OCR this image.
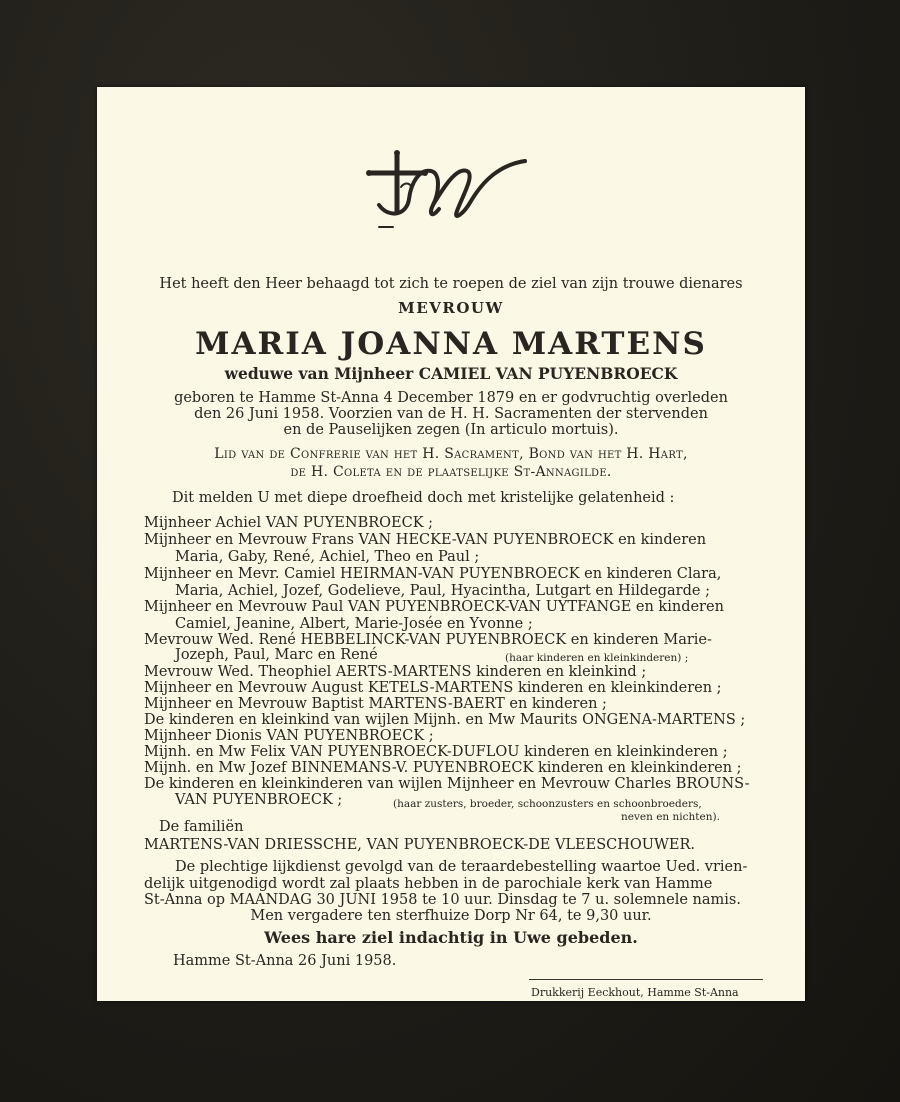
Het heeft den Heer behaagd tot zich te roepen de ziel van zijn trouwe dienares
MEVROUW
MARIA JOANNA MARTENS
weduwe van Mijnheer CAMIEL VAN PUYENBROECK
geboren te Hamme St-Anna 4 December 1879 en er godvruchtig overleden
den 26 Juni 1958. Voorzien van de H. H. Sacramenten der stervenden
en de Pauselijken zegen (In articulo mortuis).
Lid van de Confrerie van het H. Sacrament, Bond van het H. Hart,
de H. Coleta en de plaatselijke St-Annagilde.
Dit melden U met diepe droefheid doch met kristelijke gelatenheid :
Mijnheer Achiel VAN PUYENBROECK ;
Mijnheer en Mevrouw Frans VAN HECKE-VAN PUYENBROECK en kinderen
Maria, Gaby, René, Achiel, Theo en Paul ;
Mijnheer en Mevr. Camiel HEIRMAN-VAN PUYENBROECK en kinderen Clara,
Maria, Achiel, Jozef, Godelieve, Paul, Hyacintha, Lutgart en Hildegarde ;
Mijnheer en Mevrouw Paul VAN PUYENBROECK-VAN UYTFANGE en kinderen
Camiel, Jeanine, Albert, Marie-Josée en Yvonne ;
Mevrouw Wed. René HEBBELINCK-VAN PUYENBROECK en kinderen Marie-
Jozeph, Paul, Marc en René	(haar kinderen en kleinkinderen) ;
Mevrouw Wed. Theophiel AERTS-MARTENS kinderen en kleinkind ;
Mijnheer en Mevrouw August KETELS-MARTENS kinderen en kleinkinderen ;
Mijnheer en Mevrouw Baptist MARTENS-BAERT en kinderen ;
De kinderen en kleinkind van wijlen Mijnh. en Mw Maurits ONGENA-MARTENS ;
Mijnheer Dionis VAN PUYENBROECK ;
Mijnh. en Mw Felix VAN PUYENBROECK-DUFLOU kinderen en kleinkinderen ;
Mijnh. en Mw Jozef BINNEMANS-V. PUYENBROECK kinderen en kleinkinderen ;
De kinderen en kleinkinderen van wijlen Mijnheer en Mevrouw Charles BROUNS-
VAN PUYENBROECK ;	(haar zusters, broeder, schoonzusters en schoonbroeders,
neven en nichten).
De familiën
MARTENS-VAN DRIESSCHE, VAN PUYENBROECK-DE VLEESCHOUWER.
De plechtige lijkdienst gevolgd van de teraardebestelling waartoe Ued. vrien-
delijk uitgenodigd wordt zal plaats hebben in de parochiale kerk van Hamme
St-Anna op MAANDAG 30 JUNI 1958 te 10 uur. Dinsdag te 7 u. solemnele namis.
Men vergadere ten sterfhuize Dorp Nr 64, te 9,30 uur.
Wees hare ziel indachtig in Uwe gebeden.
Hamme St-Anna 26 Juni 1958.
Drukkerij Eeckhout, Hamme St-Anna
